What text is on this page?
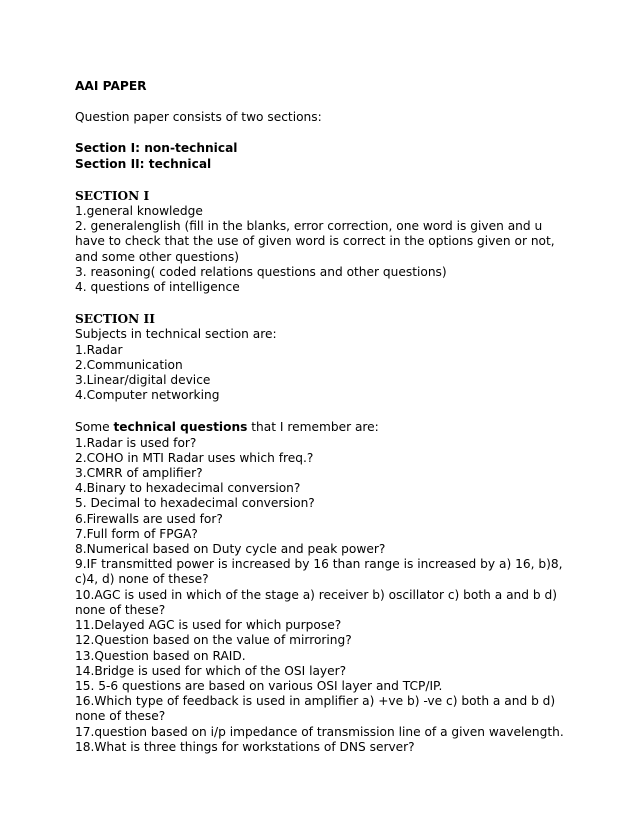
AAI PAPER

Question paper consists of two sections:

Section I: non-technical

Section II: technical

SECTION I

1.general knowledge

2. generalenglish (fill in the blanks, error correction, one word is given and u have to check that the use of given word is correct in the options given or not, and some other questions)

3. reasoning( coded relations questions and other questions)

4. questions of intelligence

SECTION II

Subjects in technical section are:

1.Radar

2.Communication

3.Linear/digital device

4.Computer networking

Some technical questions that I remember are:

1.Radar is used for?

2.COHO in MTI Radar uses which freq.?

3.CMRR of amplifier?

4.Binary to hexadecimal conversion?

5. Decimal to hexadecimal conversion?

6.Firewalls are used for?

7.Full form of FPGA?

8.Numerical based on Duty cycle and peak power?

9.IF transmitted power is increased by 16 than range is increased by a) 16, b)8, c)4, d) none of these?

10.AGC is used in which of the stage a) receiver b) oscillator c) both a and b d) none of these?

11.Delayed AGC is used for which purpose?

12.Question based on the value of mirroring?

13.Question based on RAID.

14.Bridge is used for which of the OSI layer?

15. 5-6 questions are based on various OSI layer and TCP/IP.

16.Which type of feedback is used in amplifier a) +ve b) -ve c) both a and b d) none of these?

17.question based on i/p impedance of transmission line of a given wavelength.

18.What is three things for workstations of DNS server?
